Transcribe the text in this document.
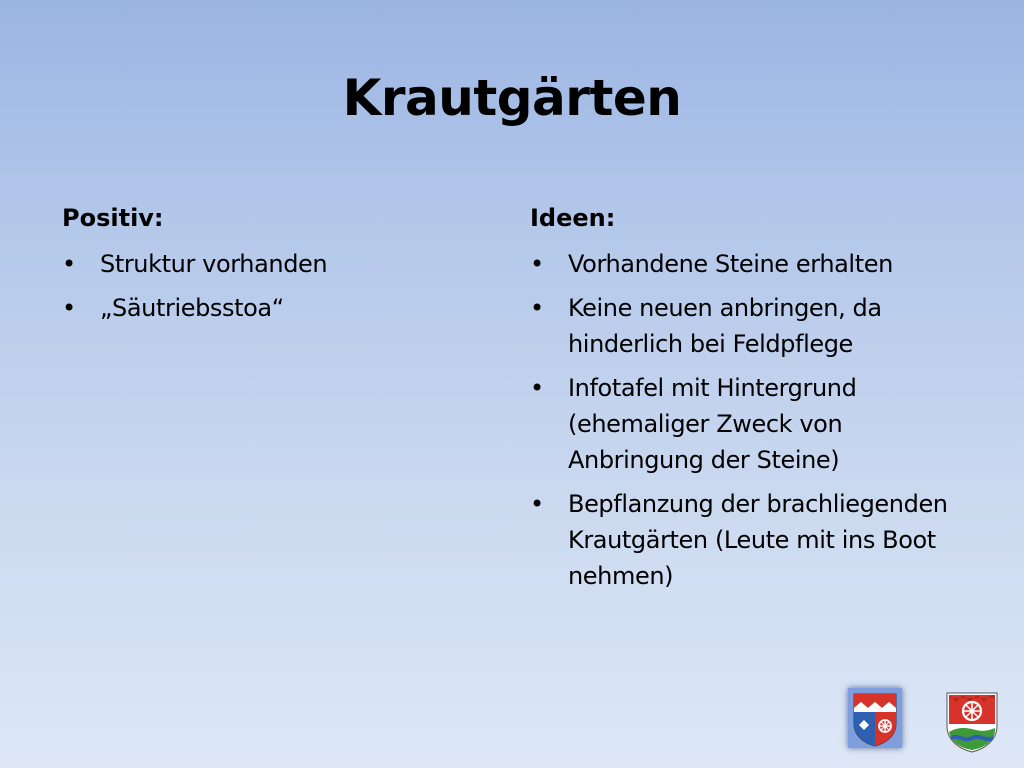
Krautgärten
Positiv:
• Struktur vorhanden
• „Säutriebsstoa“
Ideen:
• Vorhandene Steine erhalten
• Keine neuen anbringen, da hinderlich bei Feldpflege
• Infotafel mit Hintergrund (ehemaliger Zweck von Anbringung der Steine)
• Bepflanzung der brachliegenden Krautgärten (Leute mit ins Boot nehmen)
